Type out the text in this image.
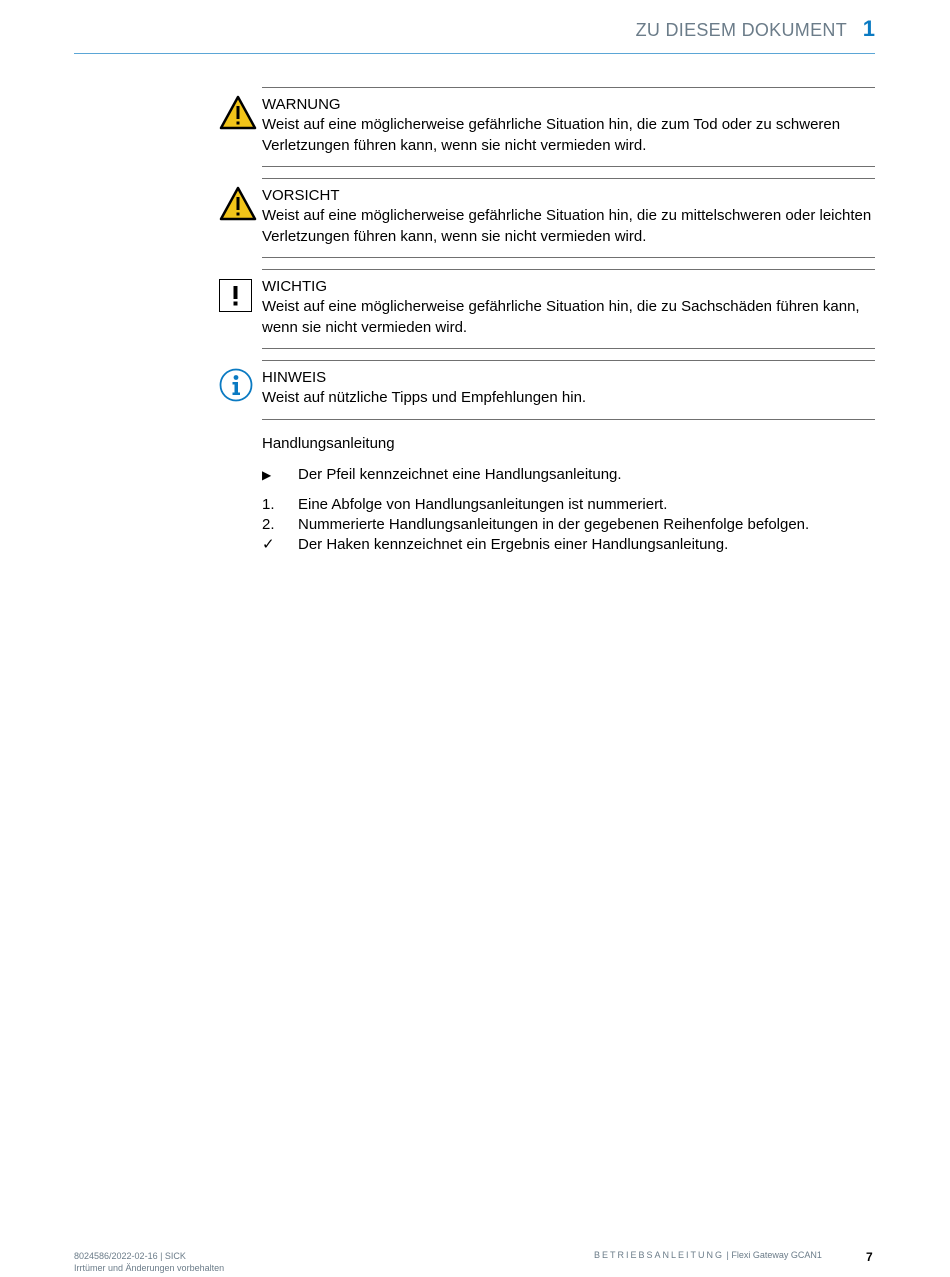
ZU DIESEM DOKUMENT 1
WARNUNG
Weist auf eine möglicherweise gefährliche Situation hin, die zum Tod oder zu schweren Verletzungen führen kann, wenn sie nicht vermieden wird.
VORSICHT
Weist auf eine möglicherweise gefährliche Situation hin, die zu mittelschweren oder leichten Verletzungen führen kann, wenn sie nicht vermieden wird.
WICHTIG
Weist auf eine möglicherweise gefährliche Situation hin, die zu Sachschäden führen kann, wenn sie nicht vermieden wird.
HINWEIS
Weist auf nützliche Tipps und Empfehlungen hin.
Handlungsanleitung
▶	Der Pfeil kennzeichnet eine Handlungsanleitung.
1.	Eine Abfolge von Handlungsanleitungen ist nummeriert.
2.	Nummerierte Handlungsanleitungen in der gegebenen Reihenfolge befolgen.
✓	Der Haken kennzeichnet ein Ergebnis einer Handlungsanleitung.
8024586/2022-02-16 | SICK
Irrtümer und Änderungen vorbehalten
BETRIEBSANLEITUNG | Flexi Gateway GCAN1	7
